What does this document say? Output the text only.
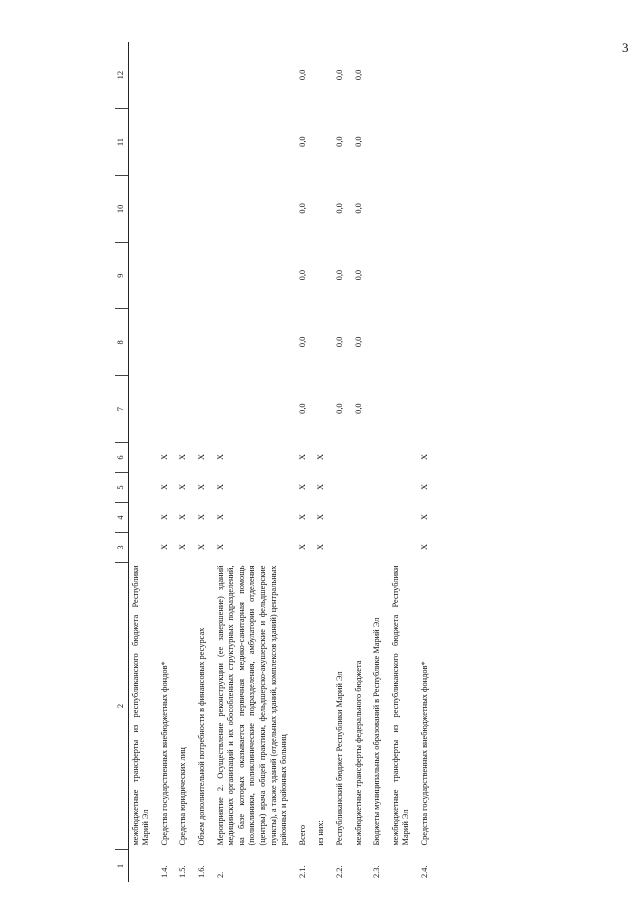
3
1	2	3	4	5	6	7	8	9	10	11	12
	межбюджетные трансферты из республиканского бюджета Республики Марий Эл										
1.4.	Средства государственных внебюджетных фондов*	X	X	X	X						
1.5.	Средства юридических лиц	X	X	X	X						
1.6.	Объем дополнительной потребности в финансовых ресурсах	X	X	X	X						
2.	Мероприятие 2. Осуществление реконструкции (ее завершение) зданий медицинских организаций и их обособленных структурных подразделений, на базе которых оказывается первичная медико-санитарная помощь (поликлиники, поликлинические подразделения, амбулатории отделения (центры) врача общей практики, фельдшерско-акушерские и фельдшерские пункты), а также зданий (отдельных зданий, комплексов зданий) центральных районных и районных больниц	X	X	X	X						
2.1.	Всего	X	X	X	X	0,0	0,0	0,0	0,0	0,0	0,0
	из них:	X	X	X	X						
2.2.	Республиканский бюджет Республики Марий Эл					0,0	0,0	0,0	0,0	0,0	0,0
	межбюджетные трансферты федерального бюджета					0,0	0,0	0,0	0,0	0,0	0,0
2.3.	Бюджеты муниципальных образований в Республике Марий Эл										
	межбюджетные трансферты из республиканского бюджета Республики Марий Эл										
2.4.	Средства государственных внебюджетных фондов*	X	X	X	X						
